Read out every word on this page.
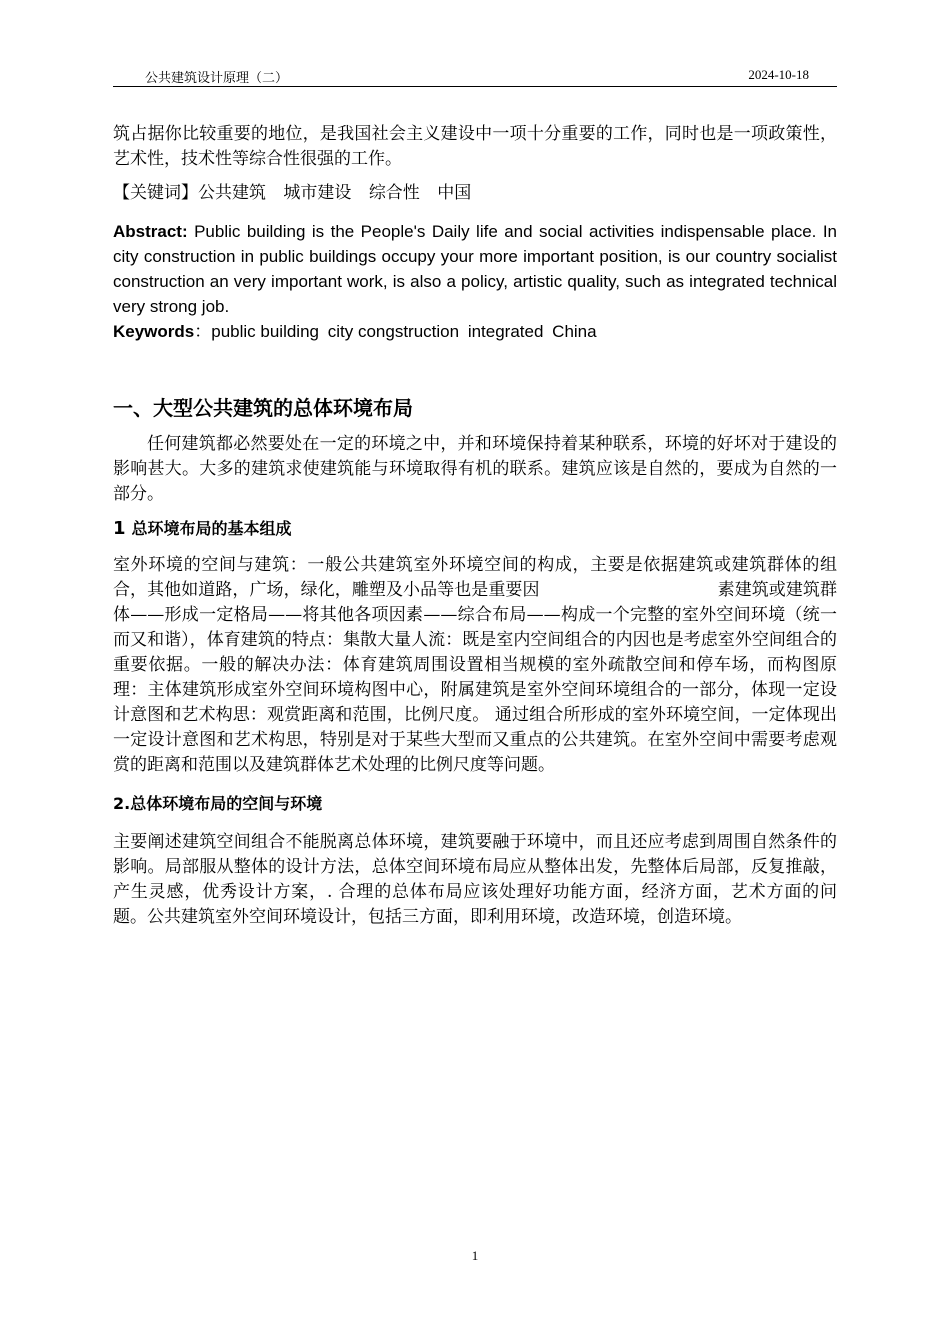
公共建筑设计原理（二）	2024-10-18

筑占据你比较重要的地位，是我国社会主义建设中一项十分重要的工作，同时也是一项政策性，艺术性，技术性等综合性很强的工作。

【关键词】公共建筑 城市建设 综合性 中国

Abstract: Public building is the People's Daily life and social activities indispensable place. In city construction in public buildings occupy your more important position, is our country socialist construction an very important work, is also a policy, artistic quality, such as integrated technical very strong job.

Keywords：public building city congstruction integrated China

一、大型公共建筑的总体环境布局

任何建筑都必然要处在一定的环境之中，并和环境保持着某种联系，环境的好坏对于建设的影响甚大。大多的建筑求使建筑能与环境取得有机的联系。建筑应该是自然的，要成为自然的一部分。

1 总环境布局的基本组成

室外环境的空间与建筑：一般公共建筑室外环境空间的构成，主要是依据建筑或建筑群体的组合，其他如道路，广场，绿化，雕塑及小品等也是重要因	素建筑或建筑群体——形成一定格局——将其他各项因素——综合布局——构成一个完整的室外空间环境（统一而又和谐），体育建筑的特点：集散大量人流：既是室内空间组合的内因也是考虑室外空间组合的重要依据。一般的解决办法：体育建筑周围设置相当规模的室外疏散空间和停车场，而构图原理：主体建筑形成室外空间环境构图中心，附属建筑是室外空间环境组合的一部分，体现一定设计意图和艺术构思：观赏距离和范围，比例尺度。 通过组合所形成的室外环境空间，一定体现出一定设计意图和艺术构思，特别是对于某些大型而又重点的公共建筑。在室外空间中需要考虑观赏的距离和范围以及建筑群体艺术处理的比例尺度等问题。

2.总体环境布局的空间与环境

主要阐述建筑空间组合不能脱离总体环境，建筑要融于环境中，而且还应考虑到周围自然条件的影响。局部服从整体的设计方法，总体空间环境布局应从整体出发，先整体后局部，反复推敲，产生灵感，优秀设计方案，. 合理的总体布局应该处理好功能方面，经济方面，艺术方面的问题。公共建筑室外空间环境设计，包括三方面，即利用环境，改造环境，创造环境。

1
